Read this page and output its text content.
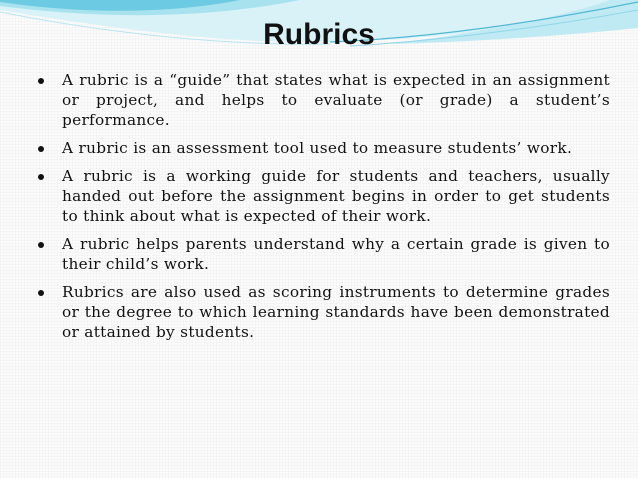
Rubrics
A rubric is a “guide” that states what is expected in an assignment or project, and helps to evaluate (or grade) a student’s performance.
A rubric is an assessment tool used to measure students’ work.
A rubric is a working guide for students and teachers, usually handed out before the assignment begins in order to get students to think about what is expected of their work.
A rubric helps parents understand why a certain grade is given to their child’s work.
Rubrics are also used as scoring instruments to determine grades or the degree to which learning standards have been demonstrated or attained by students.
